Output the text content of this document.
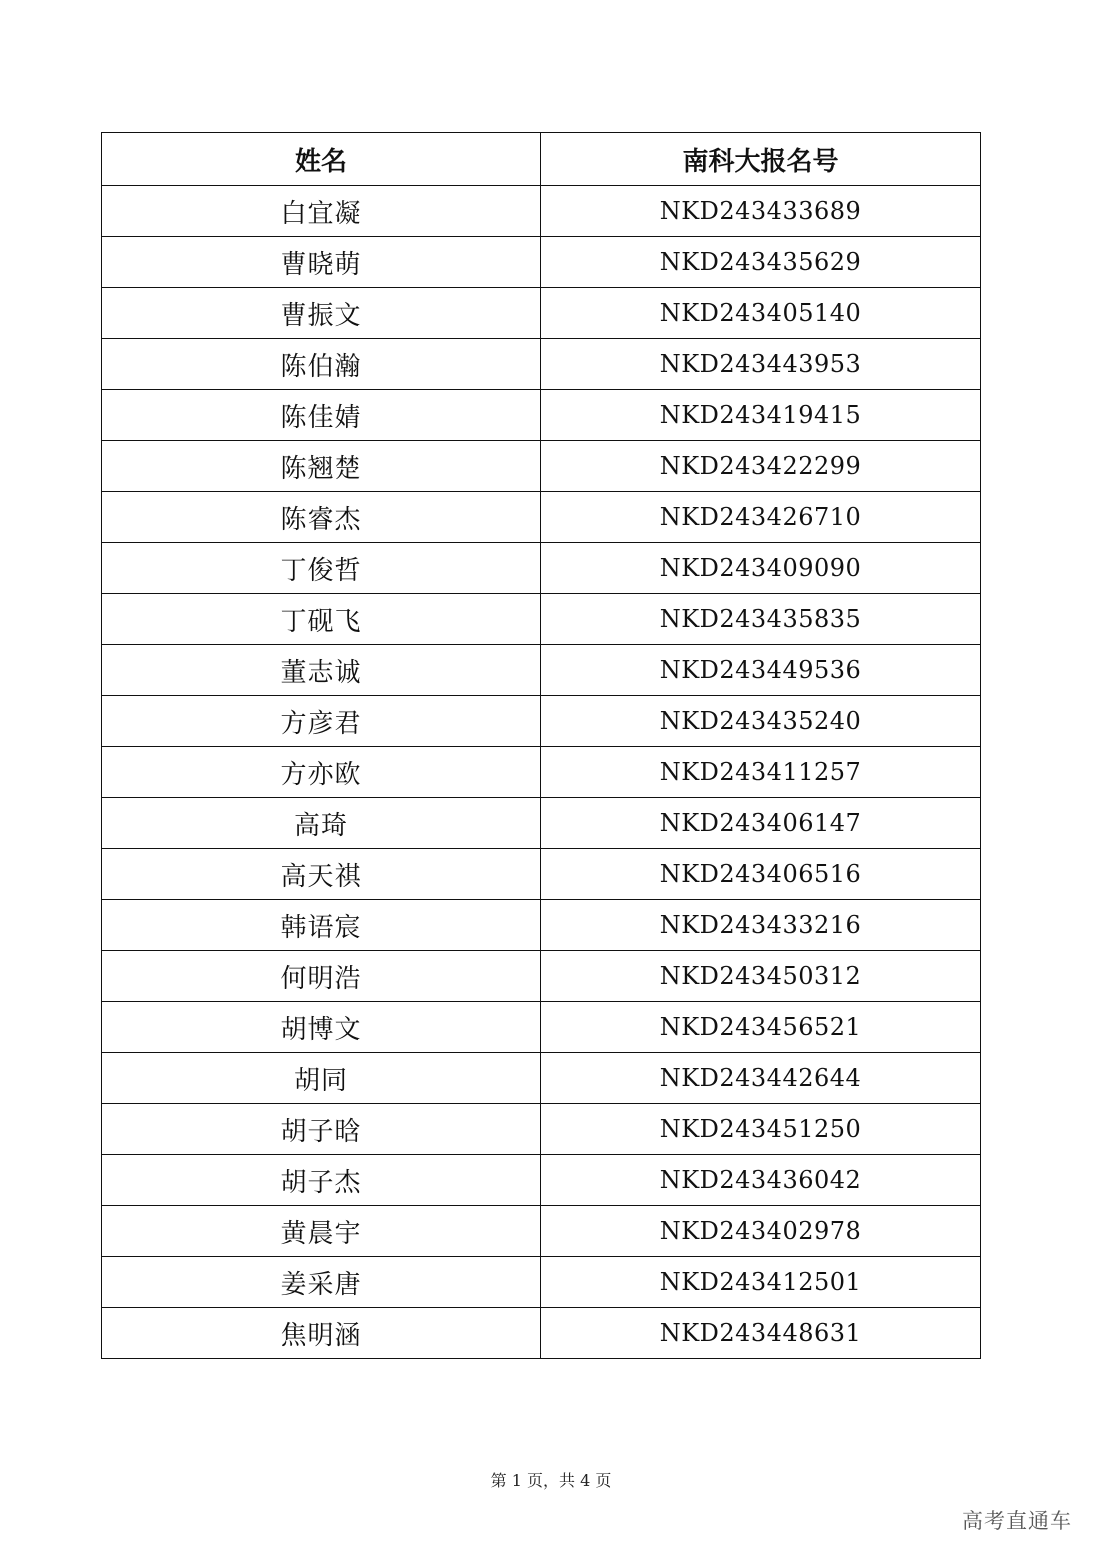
姓名	南科大报名号
白宜凝	NKD243433689
曹晓萌	NKD243435629
曹振文	NKD243405140
陈伯瀚	NKD243443953
陈佳婧	NKD243419415
陈翘楚	NKD243422299
陈睿杰	NKD243426710
丁俊哲	NKD243409090
丁砚飞	NKD243435835
董志诚	NKD243449536
方彦君	NKD243435240
方亦欧	NKD243411257
高琦	NKD243406147
高天祺	NKD243406516
韩语宸	NKD243433216
何明浩	NKD243450312
胡博文	NKD243456521
胡同	NKD243442644
胡子晗	NKD243451250
胡子杰	NKD243436042
黄晨宇	NKD243402978
姜采唐	NKD243412501
焦明涵	NKD243448631
第 1 页，共 4 页
高考直通车
